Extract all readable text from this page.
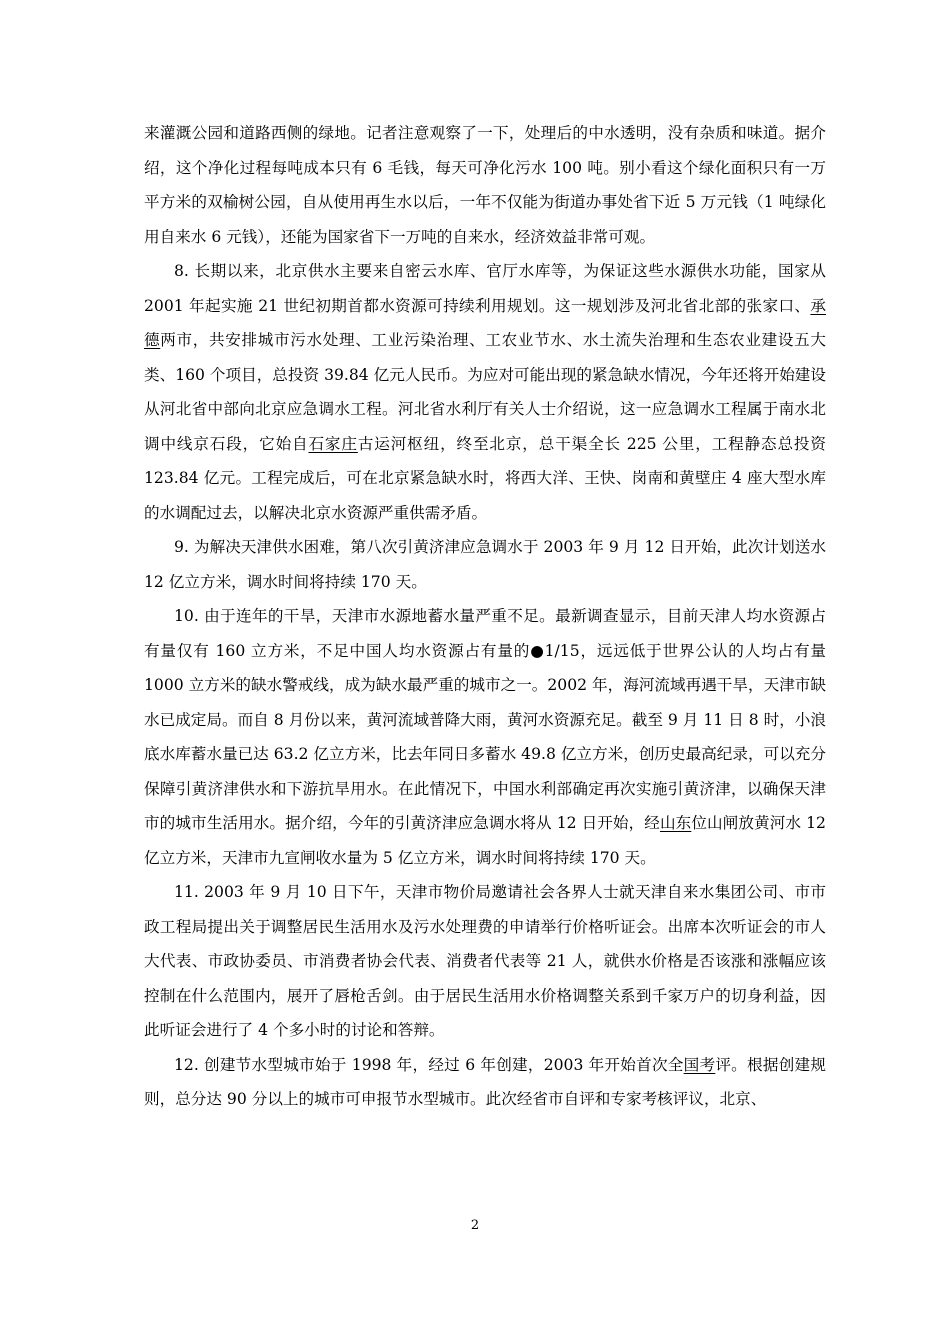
来灌溉公园和道路西侧的绿地。记者注意观察了一下，处理后的中水透明，没有杂质和味道。据介绍，这个净化过程每吨成本只有 6 毛钱，每天可净化污水 100 吨。别小看这个绿化面积只有一万平方米的双榆树公园，自从使用再生水以后，一年不仅能为街道办事处省下近 5 万元钱（1 吨绿化用自来水 6 元钱），还能为国家省下一万吨的自来水，经济效益非常可观。

8. 长期以来，北京供水主要来自密云水库、官厅水库等，为保证这些水源供水功能，国家从 2001 年起实施 21 世纪初期首都水资源可持续利用规划。这一规划涉及河北省北部的张家口、承德两市，共安排城市污水处理、工业污染治理、工农业节水、水土流失治理和生态农业建设五大类、160 个项目，总投资 39.84 亿元人民币。为应对可能出现的紧急缺水情况，今年还将开始建设从河北省中部向北京应急调水工程。河北省水利厅有关人士介绍说，这一应急调水工程属于南水北调中线京石段，它始自石家庄古运河枢纽，终至北京，总干渠全长 225 公里，工程静态总投资 123.84 亿元。工程完成后，可在北京紧急缺水时，将西大洋、王快、岗南和黄壁庄 4 座大型水库的水调配过去，以解决北京水资源严重供需矛盾。

9. 为解决天津供水困难，第八次引黄济津应急调水于 2003 年 9 月 12 日开始，此次计划送水 12 亿立方米，调水时间将持续 170 天。

10. 由于连年的干旱，天津市水源地蓄水量严重不足。最新调查显示，目前天津人均水资源占有量仅有 160 立方米，不足中国人均水资源占有量的●1/15，远远低于世界公认的人均占有量 1000 立方米的缺水警戒线，成为缺水最严重的城市之一。2002 年，海河流域再遇干旱，天津市缺水已成定局。而自 8 月份以来，黄河流域普降大雨，黄河水资源充足。截至 9 月 11 日 8 时，小浪底水库蓄水量已达 63.2 亿立方米，比去年同日多蓄水 49.8 亿立方米，创历史最高纪录，可以充分保障引黄济津供水和下游抗旱用水。在此情况下，中国水利部确定再次实施引黄济津，以确保天津市的城市生活用水。据介绍，今年的引黄济津应急调水将从 12 日开始，经山东位山闸放黄河水 12 亿立方米，天津市九宣闸收水量为 5 亿立方米，调水时间将持续 170 天。

11. 2003 年 9 月 10 日下午，天津市物价局邀请社会各界人士就天津自来水集团公司、市市政工程局提出关于调整居民生活用水及污水处理费的申请举行价格听证会。出席本次听证会的市人大代表、市政协委员、市消费者协会代表、消费者代表等 21 人，就供水价格是否该涨和涨幅应该控制在什么范围内，展开了唇枪舌剑。由于居民生活用水价格调整关系到千家万户的切身利益，因此听证会进行了 4 个多小时的讨论和答辩。

12. 创建节水型城市始于 1998 年，经过 6 年创建，2003 年开始首次全国考评。根据创建规则，总分达 90 分以上的城市可申报节水型城市。此次经省市自评和专家考核评议，北京、

2
